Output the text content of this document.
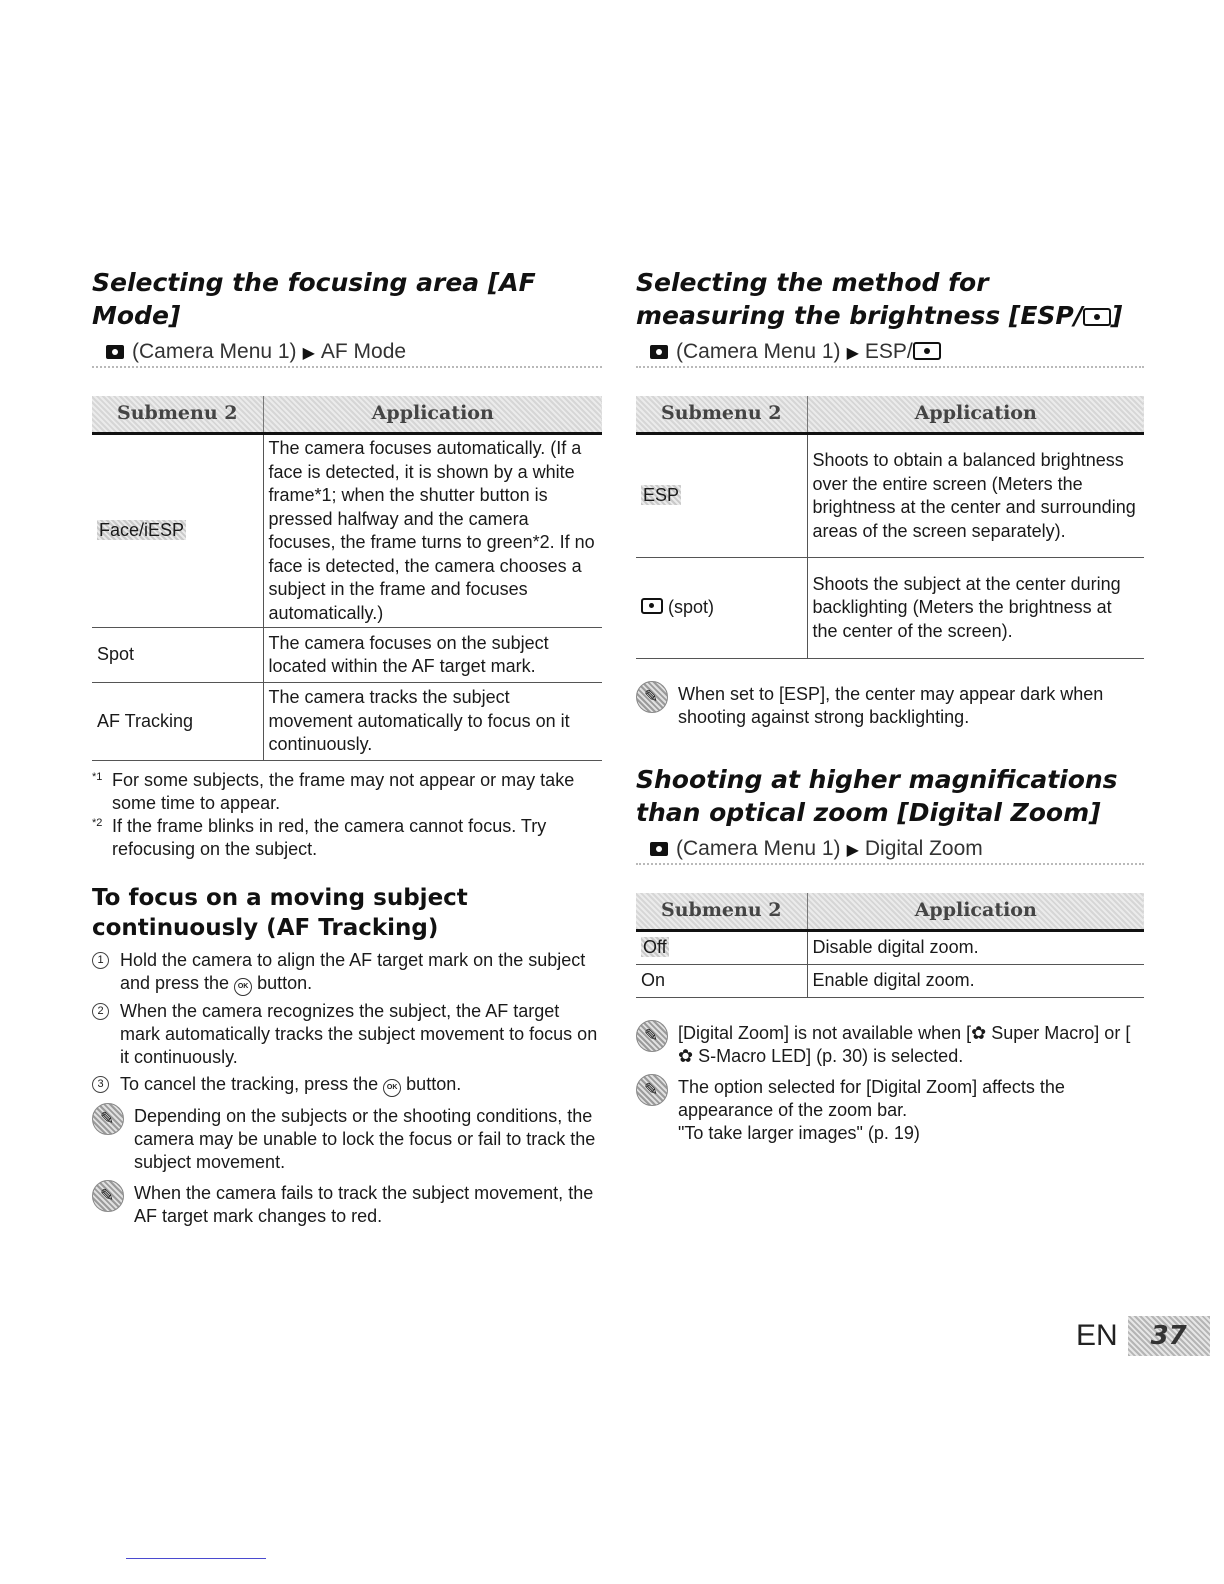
Selecting the focusing area [AF Mode]
(Camera Menu 1) ▶ AF Mode
Submenu 2	Application
Face/iESP	The camera focuses automatically. (If a face is detected, it is shown by a white frame*1; when the shutter button is pressed halfway and the camera focuses, the frame turns to green*2. If no face is detected, the camera chooses a subject in the frame and focuses automatically.)
Spot	The camera focuses on the subject located within the AF target mark.
AF Tracking	The camera tracks the subject movement automatically to focus on it continuously.
*1 For some subjects, the frame may not appear or may take some time to appear.
*2 If the frame blinks in red, the camera cannot focus. Try refocusing on the subject.
To focus on a moving subject continuously (AF Tracking)
1 Hold the camera to align the AF target mark on the subject and press the OK button.
2 When the camera recognizes the subject, the AF target mark automatically tracks the subject movement to focus on it continuously.
3 To cancel the tracking, press the OK button.
✎
Depending on the subjects or the shooting conditions, the camera may be unable to lock the focus or fail to track the subject movement.
✎
When the camera fails to track the subject movement, the AF target mark changes to red.
Selecting the method for measuring the brightness [ESP/ ]
(Camera Menu 1) ▶ ESP/
Submenu 2	Application
ESP	Shoots to obtain a balanced brightness over the entire screen (Meters the brightness at the center and surrounding areas of the screen separately).
(spot)	Shoots the subject at the center during backlighting (Meters the brightness at the center of the screen).
✎
When set to [ESP], the center may appear dark when shooting against strong backlighting.
Shooting at higher magnifications than optical zoom [Digital Zoom]
(Camera Menu 1) ▶ Digital Zoom
Submenu 2	Application
Off	Disable digital zoom.
On	Enable digital zoom.
✎
[Digital Zoom] is not available when [✿ Super Macro] or [✿ S-Macro LED] (p. 30) is selected.
✎
The option selected for [Digital Zoom] affects the appearance of the zoom bar.
"To take larger images" (p. 19)
EN	37
